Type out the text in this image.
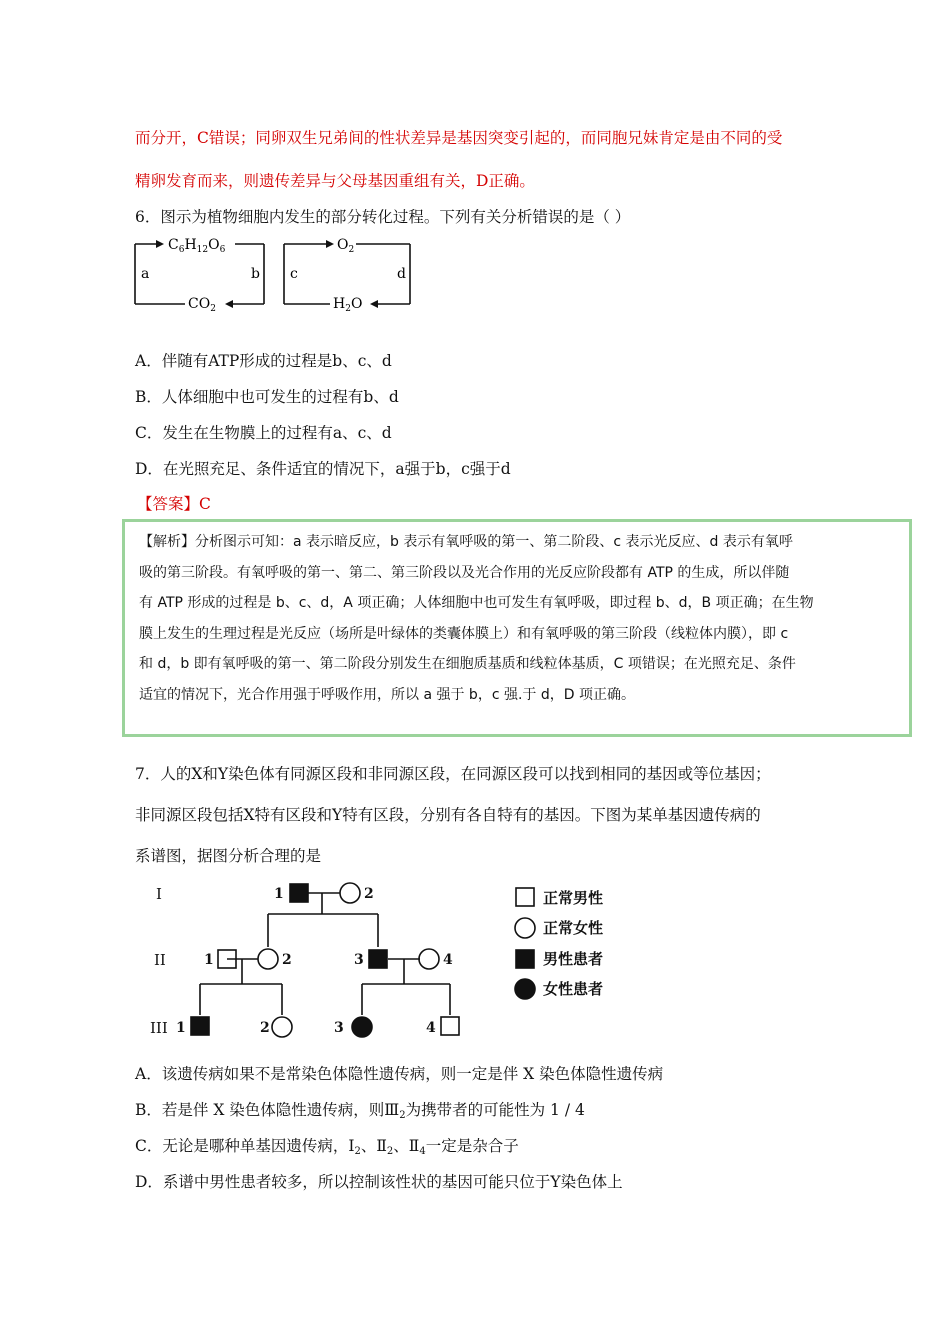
而分开，C错误；同卵双生兄弟间的性状差异是基因突变引起的，而同胞兄妹肯定是由不同的受
精卵发育而来，则遗传差异与父母基因重组有关，D正确。
6．图示为植物细胞内发生的部分转化过程。下列有关分析错误的是（ ）
$C_6H_{12}O_6$
$CO_2$
a	b
$O_2$
$H_2O$
c	d
A．伴随有ATP形成的过程是b、c、d
B．人体细胞中也可发生的过程有b、d
C．发生在生物膜上的过程有a、c、d
D．在光照充足、条件适宜的情况下，a强于b，c强于d
【答案】C
【解析】分析图示可知：a 表示暗反应，b 表示有氧呼吸的第一、第二阶段、c 表示光反应、d 表示有氧呼
吸的第三阶段。有氧呼吸的第一、第二、第三阶段以及光合作用的光反应阶段都有 ATP 的生成，所以伴随
有 ATP 形成的过程是 b、c、d，A 项正确；人体细胞中也可发生有氧呼吸，即过程 b、d，B 项正确；在生物
膜上发生的生理过程是光反应（场所是叶绿体的类囊体膜上）和有氧呼吸的第三阶段（线粒体内膜），即 c
和 d，b 即有氧呼吸的第一、第二阶段分别发生在细胞质基质和线粒体基质，C 项错误；在光照充足、条件
适宜的情况下，光合作用强于呼吸作用，所以 a 强于 b，c 强.于 d，D 项正确。
7．人的X和Y染色体有同源区段和非同源区段，在同源区段可以找到相同的基因或等位基因；
非同源区段包括X特有区段和Y特有区段，分别有各自特有的基因。下图为某单基因遗传病的
系谱图，据图分析合理的是
I
II
III
1	2
1	2	3	4
1	2	3	4
正常男性
正常女性
男性患者
女性患者
A．该遗传病如果不是常染色体隐性遗传病，则一定是伴 X 染色体隐性遗传病
B．若是伴 X 染色体隐性遗传病，则$Ⅲ_2$为携带者的可能性为 1 / 4
C．无论是哪种单基因遗传病，$Ⅰ_2$、$Ⅱ_2$、$Ⅱ_4$一定是杂合子
D．系谱中男性患者较多，所以控制该性状的基因可能只位于Y染色体上
